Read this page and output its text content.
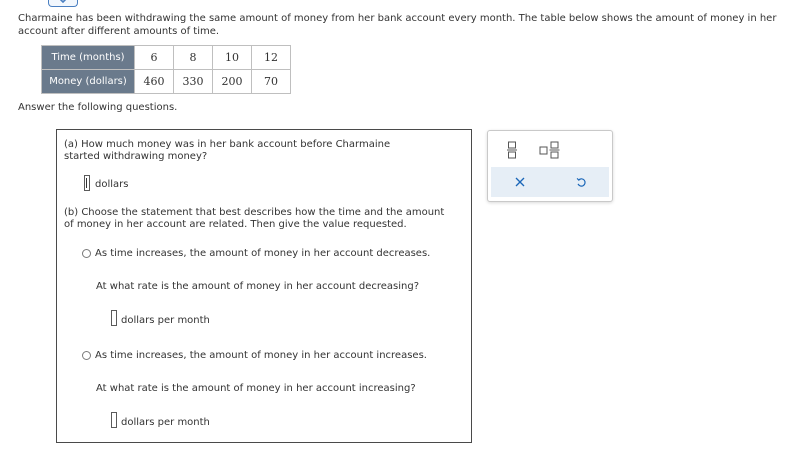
Charmaine has been withdrawing the same amount of money from her bank account every month. The table below shows the amount of money in her account after different amounts of time.
Time (months)	6	8	10	12
Money (dollars)	460	330	200	70
Answer the following questions.
(a) How much money was in her bank account before Charmaine started withdrawing money?
dollars
(b) Choose the statement that best describes how the time and the amount of money in her account are related. Then give the value requested.
As time increases, the amount of money in her account decreases.
At what rate is the amount of money in her account decreasing?
dollars per month
As time increases, the amount of money in her account increases.
At what rate is the amount of money in her account increasing?
dollars per month
